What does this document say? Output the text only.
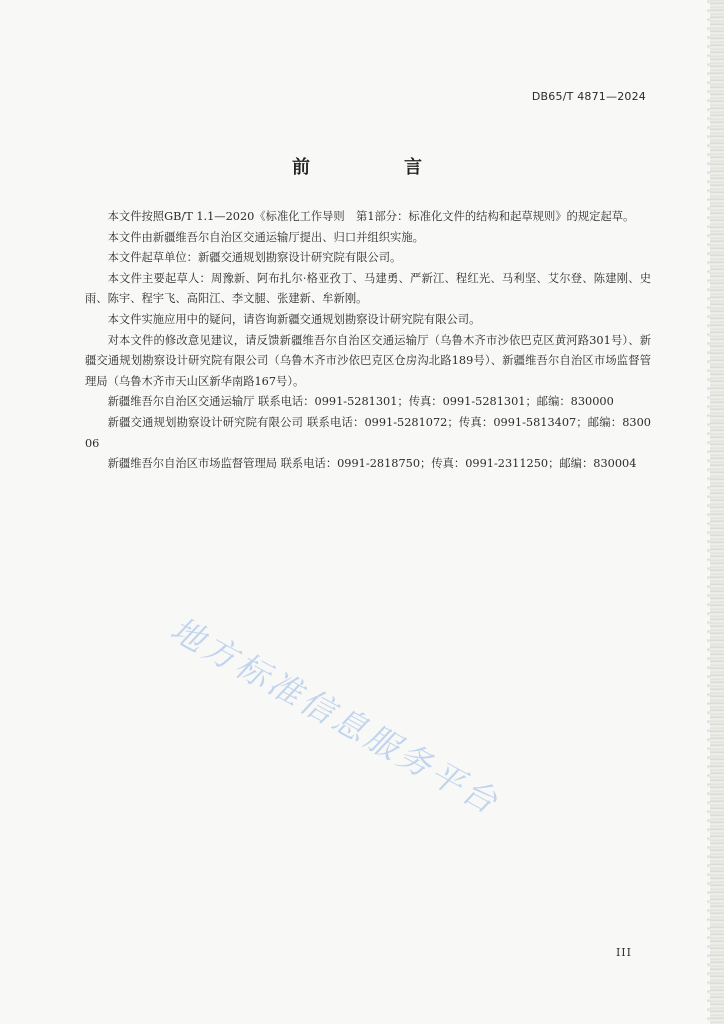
DB65/T 4871—2024
前　言

本文件按照GB/T 1.1—2020《标准化工作导则　第1部分：标准化文件的结构和起草规则》的规定起草。

本文件由新疆维吾尔自治区交通运输厅提出、归口并组织实施。

本文件起草单位：新疆交通规划勘察设计研究院有限公司。

本文件主要起草人：周豫新、阿布扎尔·格亚孜丁、马建勇、严新江、程红光、马利坚、艾尔登、陈建刚、史雨、陈宇、程宇飞、高阳江、李文腿、张建新、牟新刚。

本文件实施应用中的疑问，请咨询新疆交通规划勘察设计研究院有限公司。

对本文件的修改意见建议，请反馈新疆维吾尔自治区交通运输厅（乌鲁木齐市沙依巴克区黄河路301号）、新疆交通规划勘察设计研究院有限公司（乌鲁木齐市沙依巴克区仓房沟北路189号）、新疆维吾尔自治区市场监督管理局（乌鲁木齐市天山区新华南路167号）。

新疆维吾尔自治区交通运输厅 联系电话：0991-5281301；传真：0991-5281301；邮编：830000

新疆交通规划勘察设计研究院有限公司 联系电话：0991-5281072；传真：0991-5813407；邮编：830006

新疆维吾尔自治区市场监督管理局 联系电话：0991-2818750；传真：0991-2311250；邮编：830004

地方标准信息服务平台
III
